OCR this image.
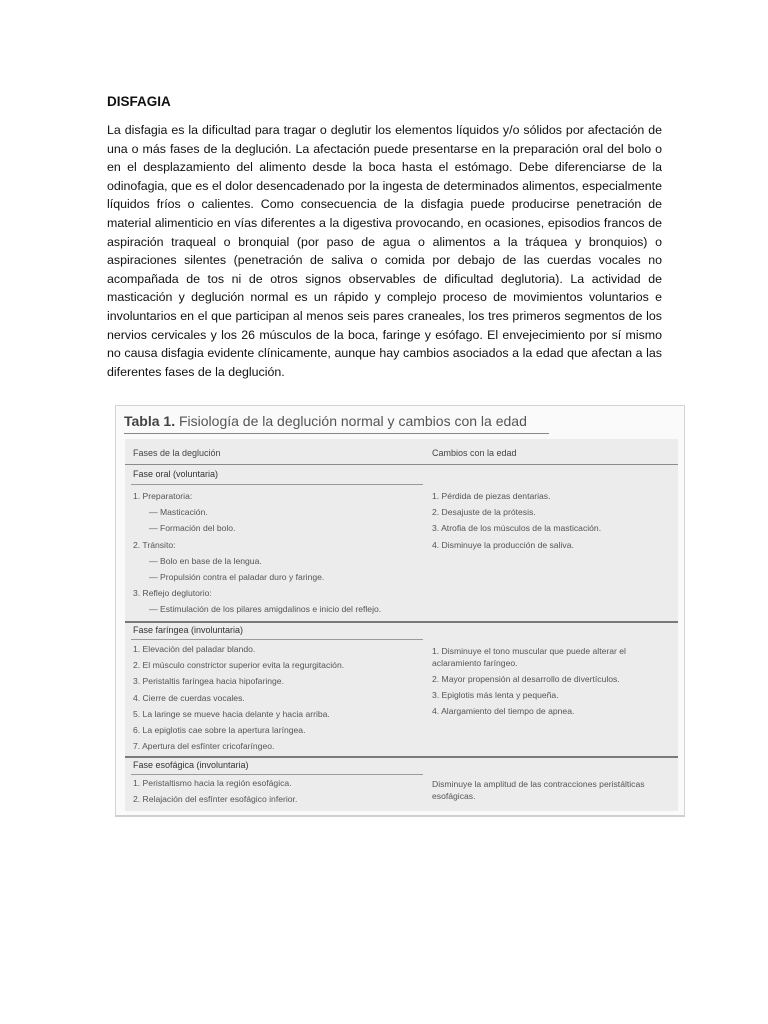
DISFAGIA

La disfagia es la dificultad para tragar o deglutir los elementos líquidos y/o sólidos por afectación de una o más fases de la deglución. La afectación puede presentarse en la preparación oral del bolo o en el desplazamiento del alimento desde la boca hasta el estómago. Debe diferenciarse de la odinofagia, que es el dolor desencadenado por la ingesta de determinados alimentos, especialmente líquidos fríos o calientes. Como consecuencia de la disfagia puede producirse penetración de material alimenticio en vías diferentes a la digestiva provocando, en ocasiones, episodios francos de aspiración traqueal o bronquial (por paso de agua o alimentos a la tráquea y bronquios) o aspiraciones silentes (penetración de saliva o comida por debajo de las cuerdas vocales no acompañada de tos ni de otros signos observables de dificultad deglutoria). La actividad de masticación y deglución normal es un rápido y complejo proceso de movimientos voluntarios e involuntarios en el que participan al menos seis pares craneales, los tres primeros segmentos de los nervios cervicales y los 26 músculos de la boca, faringe y esófago. El envejecimiento por sí mismo no causa disfagia evidente clínicamente, aunque hay cambios asociados a la edad que afectan a las diferentes fases de la deglución.

Tabla 1. Fisiología de la deglución normal y cambios con la edad
Fases de la deglución	Cambios con la edad
Fase oral (voluntaria)

1. Preparatoria:

— Masticación.

— Formación del bolo.

2. Tránsito:

— Bolo en base de la lengua.

— Propulsión contra el paladar duro y faringe.

3. Reflejo deglutorio:

— Estimulación de los pilares amigdalinos e inicio del reflejo.

1. Pérdida de piezas dentarias.

2. Desajuste de la prótesis.

3. Atrofia de los músculos de la masticación.

4. Disminuye la producción de saliva.

Fase faríngea (involuntaria)

1. Elevación del paladar blando.

2. El músculo constrictor superior evita la regurgitación.

3. Peristaltis faríngea hacia hipofaringe.

4. Cierre de cuerdas vocales.

5. La laringe se mueve hacia delante y hacia arriba.

6. La epiglotis cae sobre la apertura laríngea.

7. Apertura del esfínter cricofaríngeo.

1. Disminuye el tono muscular que puede alterar el aclaramiento faríngeo.

2. Mayor propensión al desarrollo de divertículos.

3. Epiglotis más lenta y pequeña.

4. Alargamiento del tiempo de apnea.

Fase esofágica (involuntaria)

1. Peristaltismo hacia la región esofágica.

2. Relajación del esfínter esofágico inferior.

Disminuye la amplitud de las contracciones peristálticas esofágicas.
